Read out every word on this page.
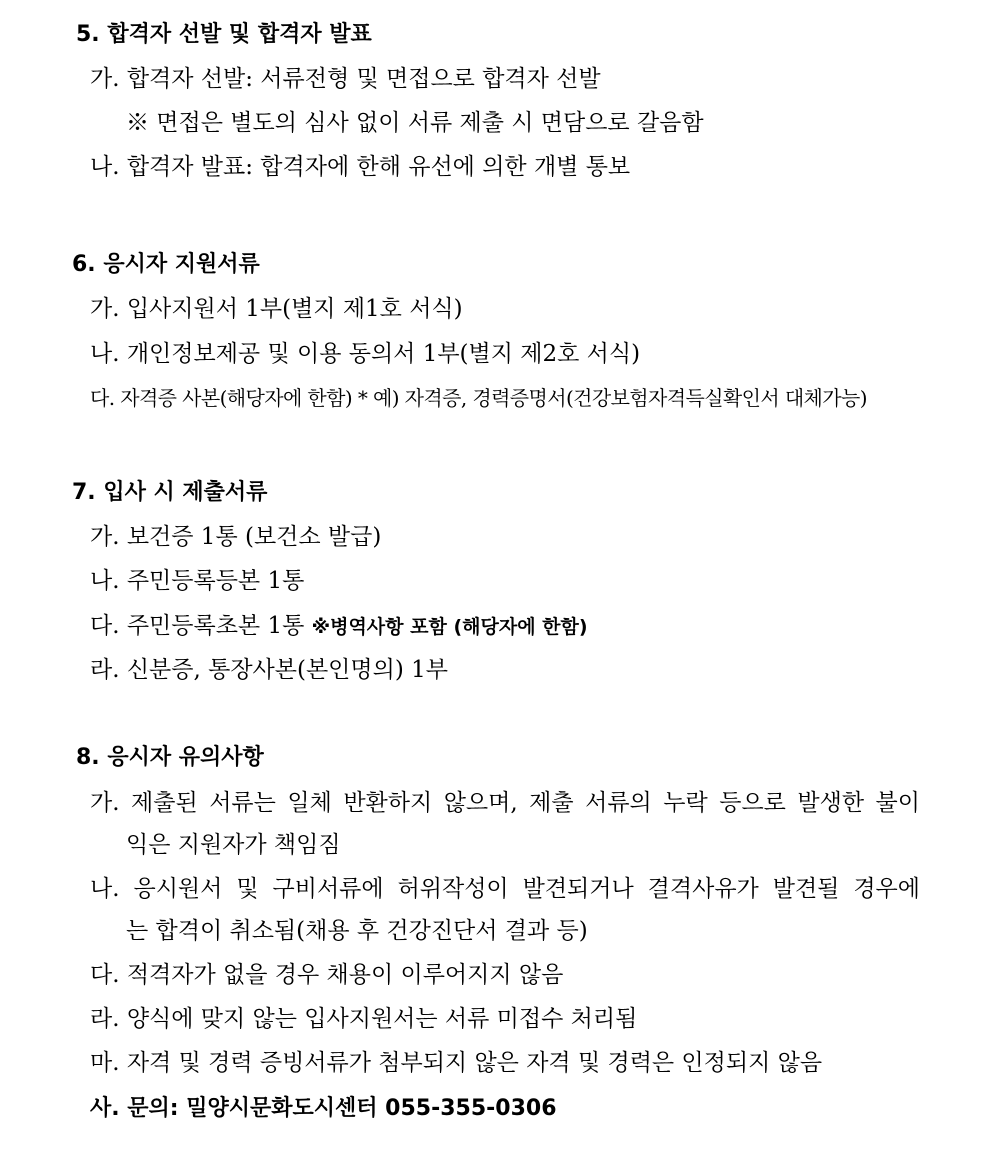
5. 합격자 선발 및 합격자 발표
가. 합격자 선발: 서류전형 및 면접으로 합격자 선발
※ 면접은 별도의 심사 없이 서류 제출 시 면담으로 갈음함
나. 합격자 발표: 합격자에 한해 유선에 의한 개별 통보
6. 응시자 지원서류
가. 입사지원서 1부(별지 제1호 서식)
나. 개인정보제공 및 이용 동의서 1부(별지 제2호 서식)
다. 자격증 사본(해당자에 한함) * 예) 자격증, 경력증명서(건강보험자격득실확인서 대체가능)
7. 입사 시 제출서류
가. 보건증 1통 (보건소 발급)
나. 주민등록등본 1통
다. 주민등록초본 1통 ※병역사항 포함 (해당자에 한함)
라. 신분증, 통장사본(본인명의) 1부
8. 응시자 유의사항
가. 제출된 서류는 일체 반환하지 않으며, 제출 서류의 누락 등으로 발생한 불이
익은 지원자가 책임짐
나. 응시원서 및 구비서류에 허위작성이 발견되거나 결격사유가 발견될 경우에
는 합격이 취소됨(채용 후 건강진단서 결과 등)
다. 적격자가 없을 경우 채용이 이루어지지 않음
라. 양식에 맞지 않는 입사지원서는 서류 미접수 처리됨
마. 자격 및 경력 증빙서류가 첨부되지 않은 자격 및 경력은 인정되지 않음
사. 문의: 밀양시문화도시센터 055-355-0306
